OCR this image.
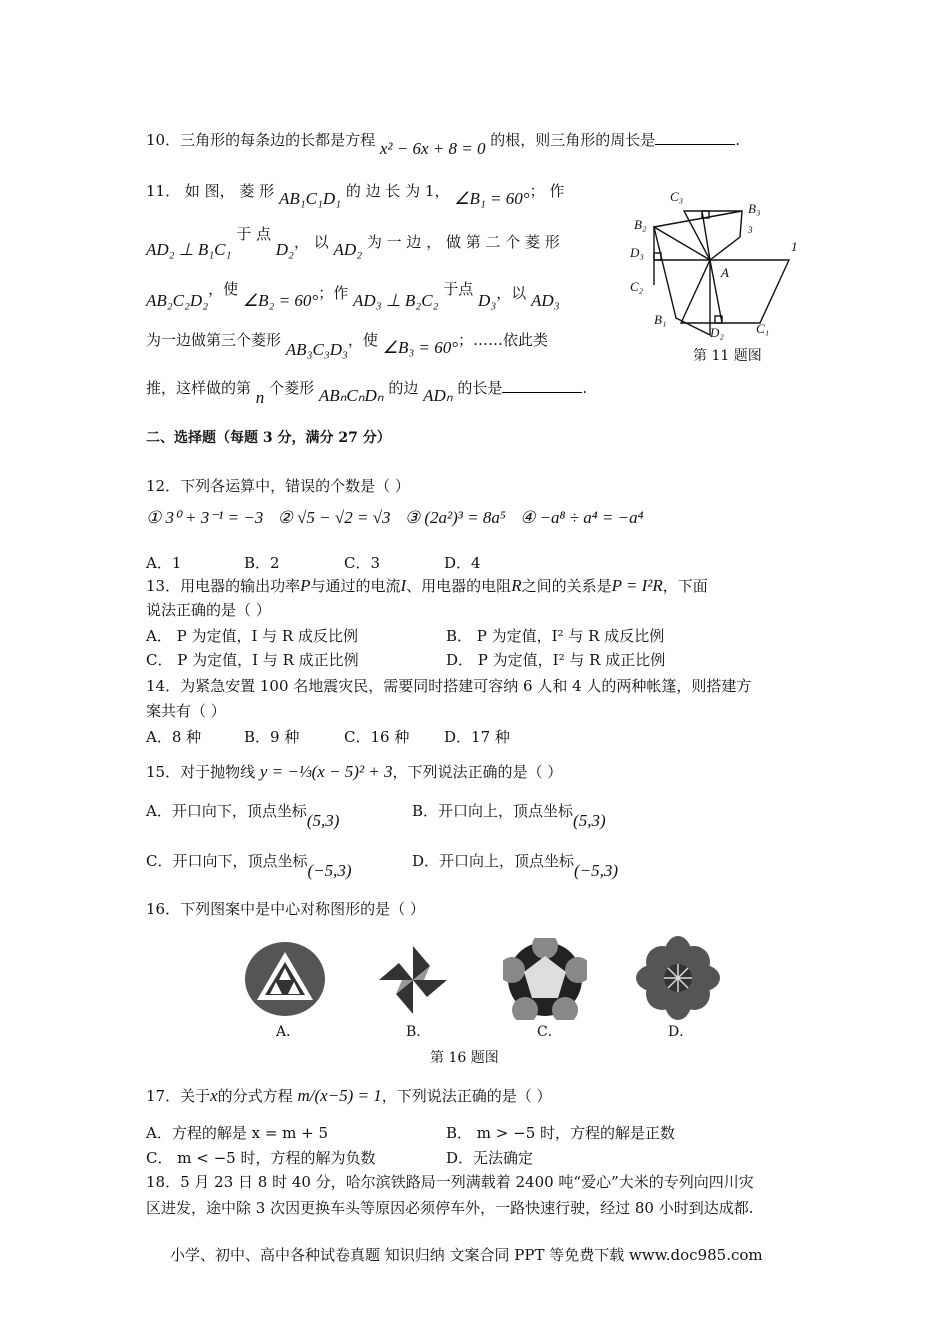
10．三角形的每条边的长都是方程 x² − 6x + 8 = 0 的根，则三角形的周长是	.
11． 如 图， 菱 形 AB₁C₁D₁ 的 边 长 为 1， ∠B₁ = 60°； 作
AD₂ ⊥ B₁C₁ 于 点 D₂， 以 AD₂ 为 一 边 ， 做 第 二 个 菱 形
AB₂C₂D₂，使 ∠B₂ = 60°；作 AD₃ ⊥ B₂C₂ 于点 D₃，以 AD₃
为一边做第三个菱形 AB₃C₃D₃，使 ∠B₃ = 60°；……依此类
推，这样做的第 n 个菱形 ABₙCₙDₙ 的边 ADₙ 的长是	.
C₃
B₃
B₂
D₃
A
1
C₂
B₁
D₂ C₁
3
第 11 题图
二、选择题（每题 3 分，满分 27 分）
12．下列各运算中，错误的个数是（ ）
① 3⁰ + 3⁻¹ = −3 ② √5 − √2 = √3 ③ (2a²)³ = 8a⁵ ④ −a⁸ ÷ a⁴ = −a⁴
A．1	B．2	C．3	D．4
13．用电器的输出功率P与通过的电流I、用电器的电阻R之间的关系是P = I²R，下面
说法正确的是（ ）
A． P 为定值，I 与 R 成反比例	B． P 为定值，I² 与 R 成反比例
C． P 为定值，I 与 R 成正比例	D． P 为定值，I² 与 R 成正比例
14．为紧急安置 100 名地震灾民，需要同时搭建可容纳 6 人和 4 人的两种帐篷，则搭建方
案共有（ ）
A．8 种	B．9 种	C．16 种 D．17 种
15．对于抛物线 y = −⅓(x − 5)² + 3，下列说法正确的是（ ）
A．开口向下，顶点坐标(5,3)	B．开口向上，顶点坐标(5,3)
C．开口向下，顶点坐标(−5,3)	D．开口向上，顶点坐标(−5,3)
16．下列图案中是中心对称图形的是（ ）
A．	B．	C．	D．
第 16 题图
17．关于x的分式方程 m/(x−5) = 1，下列说法正确的是（ ）
A．方程的解是 x = m + 5	B． m > −5 时，方程的解是正数
C． m < −5 时，方程的解为负数	D．无法确定
18．5 月 23 日 8 时 40 分，哈尔滨铁路局一列满载着 2400 吨“爱心”大米的专列向四川灾
区进发，途中除 3 次因更换车头等原因必须停车外，一路快速行驶，经过 80 小时到达成都.
小学、初中、高中各种试卷真题 知识归纳 文案合同 PPT 等免费下载 www.doc985.com
